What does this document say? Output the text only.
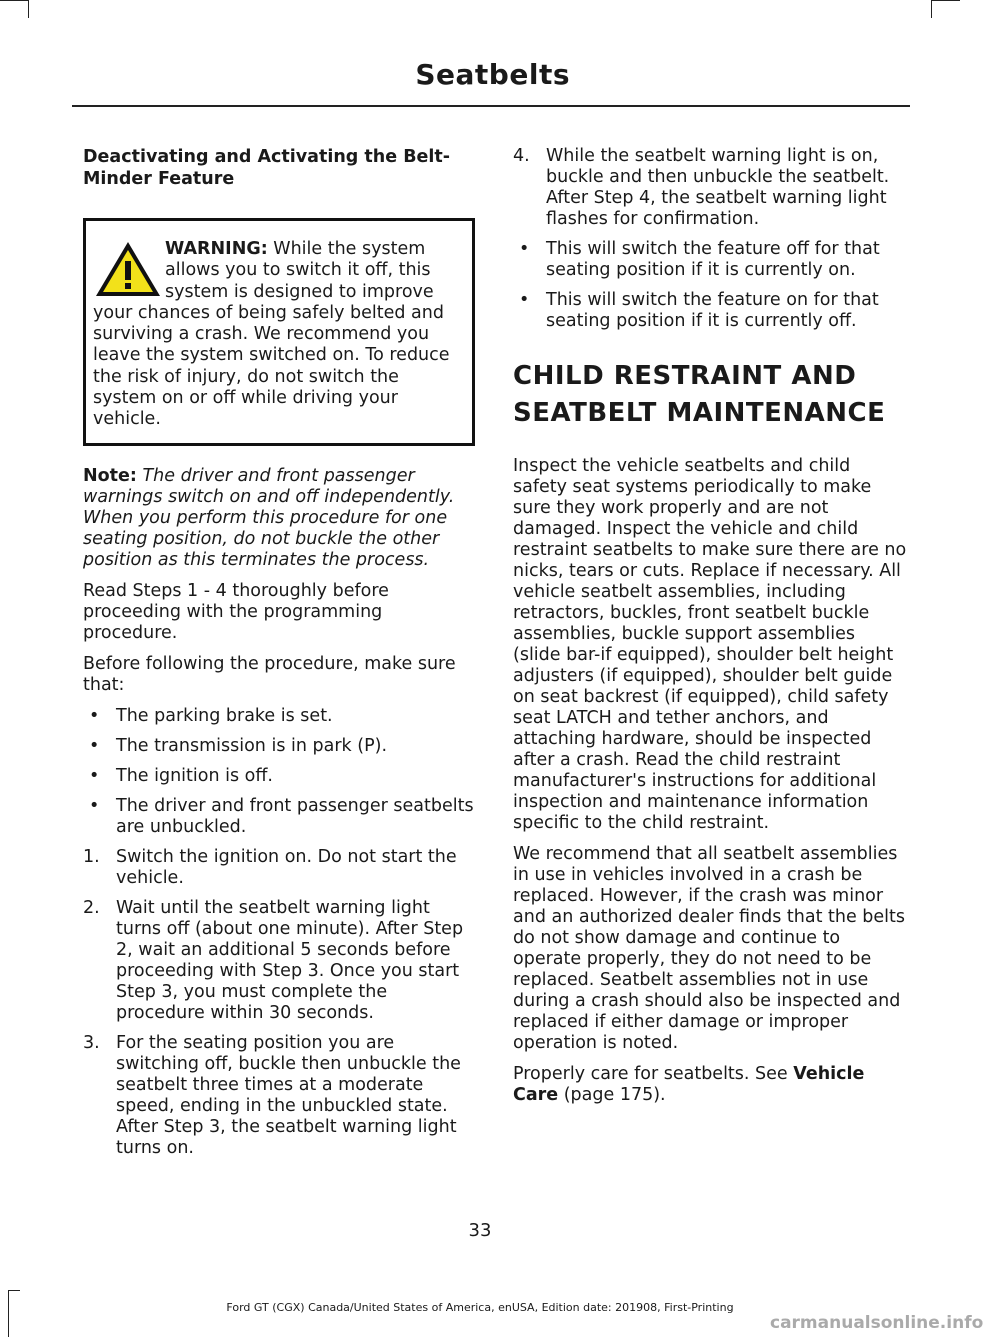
Seatbelts
Deactivating and Activating the Belt-Minder Feature
WARNING: While the system allows you to switch it off, this system is designed to improve your chances of being safely belted and surviving a crash. We recommend you leave the system switched on. To reduce the risk of injury, do not switch the system on or off while driving your vehicle.

Note: The driver and front passenger warnings switch on and off independently. When you perform this procedure for one seating position, do not buckle the other position as this terminates the process.

Read Steps 1 - 4 thoroughly before proceeding with the programming procedure.

Before following the procedure, make sure that:

• The parking brake is set.
• The transmission is in park (P).
• The ignition is off.
• The driver and front passenger seatbelts are unbuckled.
1. Switch the ignition on. Do not start the vehicle.
2. Wait until the seatbelt warning light turns off (about one minute). After Step 2, wait an additional 5 seconds before proceeding with Step 3. Once you start Step 3, you must complete the procedure within 30 seconds.
3. For the seating position you are switching off, buckle then unbuckle the seatbelt three times at a moderate speed, ending in the unbuckled state. After Step 3, the seatbelt warning light turns on.
4. While the seatbelt warning light is on, buckle and then unbuckle the seatbelt. After Step 4, the seatbelt warning light flashes for confirmation.
• This will switch the feature off for that seating position if it is currently on.
• This will switch the feature on for that seating position if it is currently off.
CHILD RESTRAINT AND SEATBELT MAINTENANCE

Inspect the vehicle seatbelts and child safety seat systems periodically to make sure they work properly and are not damaged. Inspect the vehicle and child restraint seatbelts to make sure there are no nicks, tears or cuts. Replace if necessary. All vehicle seatbelt assemblies, including retractors, buckles, front seatbelt buckle assemblies, buckle support assemblies (slide bar-if equipped), shoulder belt height adjusters (if equipped), shoulder belt guide on seat backrest (if equipped), child safety seat LATCH and tether anchors, and attaching hardware, should be inspected after a crash. Read the child restraint manufacturer's instructions for additional inspection and maintenance information specific to the child restraint.

We recommend that all seatbelt assemblies in use in vehicles involved in a crash be replaced. However, if the crash was minor and an authorized dealer finds that the belts do not show damage and continue to operate properly, they do not need to be replaced. Seatbelt assemblies not in use during a crash should also be inspected and replaced if either damage or improper operation is noted.

Properly care for seatbelts. See Vehicle Care (page 175).

33
Ford GT (CGX) Canada/United States of America, enUSA, Edition date: 201908, First-Printing
carmanualsonline.info
